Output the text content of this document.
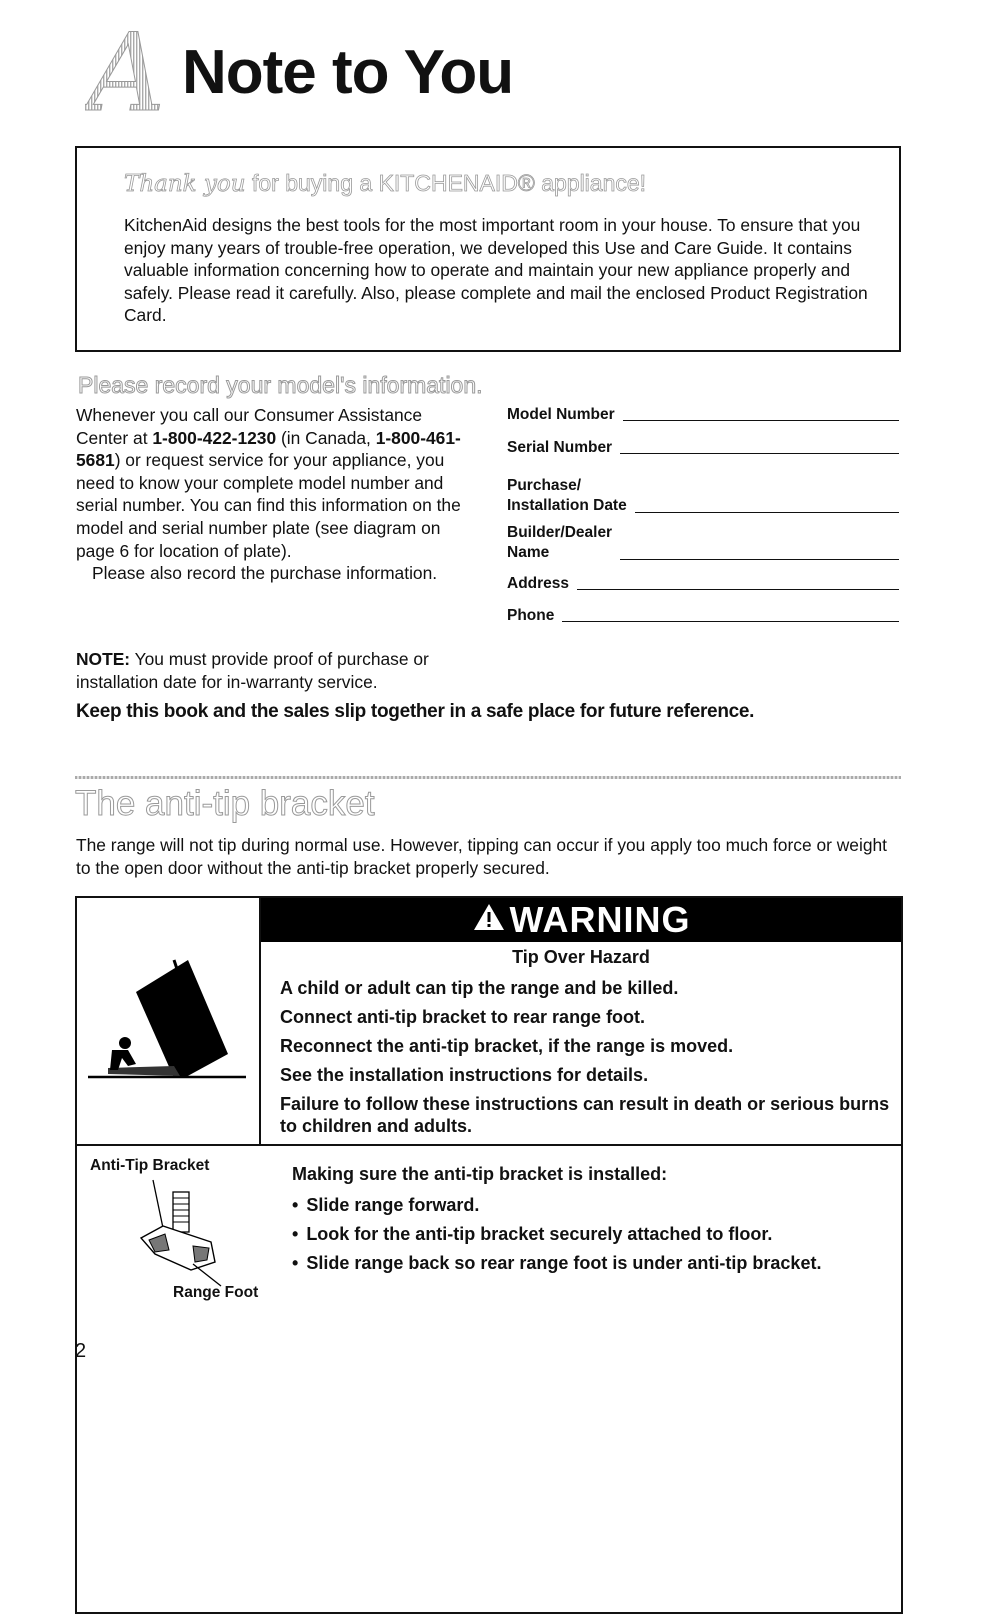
A Note to You
Thank you for buying a KITCHENAID® appliance!
KitchenAid designs the best tools for the most important room in your house. To ensure that you enjoy many years of trouble-free operation, we developed this Use and Care Guide. It contains valuable information concerning how to operate and maintain your new appliance properly and safely. Please read it carefully. Also, please complete and mail the enclosed Product Registration Card.
Please record your model's information.

Whenever you call our Consumer Assistance Center at 1-800-422-1230 (in Canada, 1-800-461-5681) or request service for your appliance, you need to know your complete model number and serial number. You can find this information on the model and serial number plate (see diagram on page 6 for location of plate).

Please also record the purchase information.

Model Number
Serial Number
Purchase/
Installation Date
Builder/Dealer
Name
Address
Phone
NOTE: You must provide proof of purchase or installation date for in-warranty service.
Keep this book and the sales slip together in a safe place for future reference.
The anti-tip bracket
The range will not tip during normal use. However, tipping can occur if you apply too much force or weight to the open door without the anti-tip bracket properly secured.
WARNING
Tip Over Hazard
A child or adult can tip the range and be killed.
Connect anti-tip bracket to rear range foot.
Reconnect the anti-tip bracket, if the range is moved.
See the installation instructions for details.
Failure to follow these instructions can result in death or serious burns to children and adults.
Anti-Tip Bracket
Range Foot
Making sure the anti-tip bracket is installed:
• Slide range forward.
• Look for the anti-tip bracket securely attached to floor.
• Slide range back so rear range foot is under anti-tip bracket.
2
